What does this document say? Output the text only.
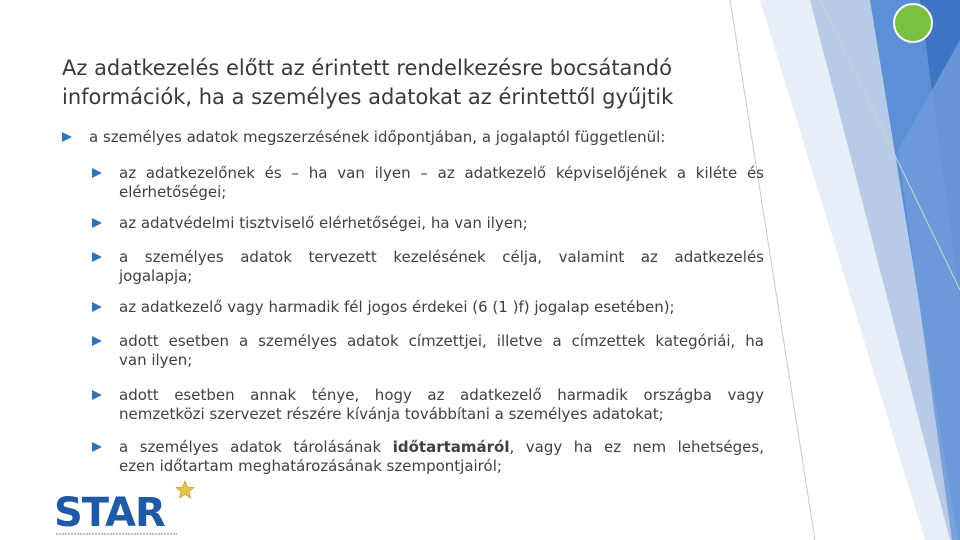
Az adatkezelés előtt az érintett rendelkezésre bocsátandó
információk, ha a személyes adatokat az érintettől gyűjtik
a személyes adatok megszerzésének időpontjában, a jogalaptól függetlenül:
az adatkezelőnek és – ha van ilyen – az adatkezelő képviselőjének a kiléte és
elérhetőségei;
az adatvédelmi tisztviselő elérhetőségei, ha van ilyen;
a személyes adatok tervezett kezelésének célja, valamint az adatkezelés
jogalapja;
az adatkezelő vagy harmadik fél jogos érdekei (6 (1 )f) jogalap esetében);
adott esetben a személyes adatok címzettjei, illetve a címzettek kategóriái, ha
van ilyen;
adott esetben annak ténye, hogy az adatkezelő harmadik országba vagy
nemzetközi szervezet részére kívánja továbbítani a személyes adatokat;
a személyes adatok tárolásának időtartamáról, vagy ha ez nem lehetséges,
ezen időtartam meghatározásának szempontjairól;
STAR
